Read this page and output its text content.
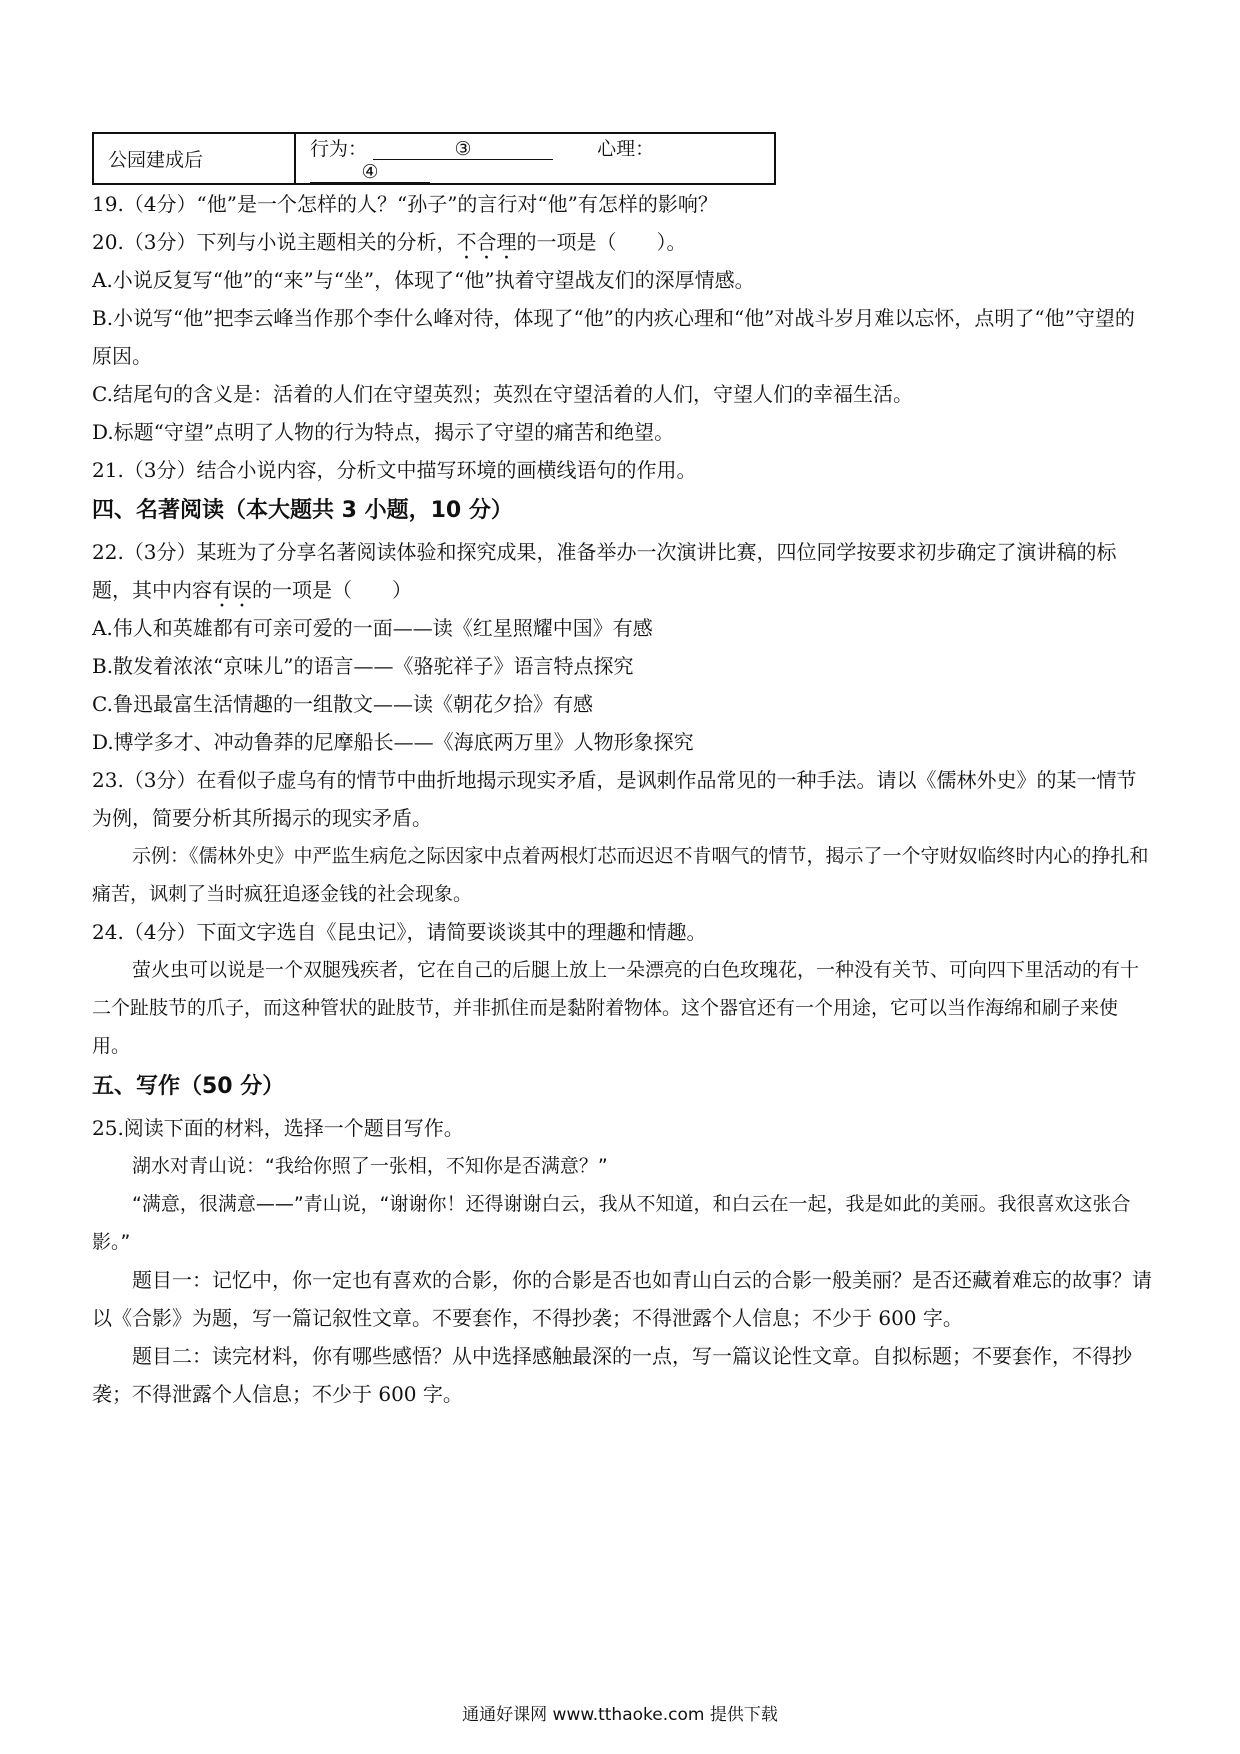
公园建成后	行为：	③	心理： ④

19.（4分）“他”是一个怎样的人？“孙子”的言行对“他”有怎样的影响？

20.（3分）下列与小说主题相关的分析，不合理的一项是（　　）。

A.小说反复写“他”的“来”与“坐”，体现了“他”执着守望战友们的深厚情感。

B.小说写“他”把李云峰当作那个李什么峰对待，体现了“他”的内疚心理和“他”对战斗岁月难以忘怀，点明了“他”守望的原因。

C.结尾句的含义是：活着的人们在守望英烈；英烈在守望活着的人们，守望人们的幸福生活。

D.标题“守望”点明了人物的行为特点，揭示了守望的痛苦和绝望。

21.（3分）结合小说内容，分析文中描写环境的画横线语句的作用。

四、名著阅读（本大题共 3 小题，10 分）

22.（3分）某班为了分享名著阅读体验和探究成果，准备举办一次演讲比赛，四位同学按要求初步确定了演讲稿的标题，其中内容有误的一项是（　　）

A.伟人和英雄都有可亲可爱的一面——读《红星照耀中国》有感

B.散发着浓浓“京味儿”的语言——《骆驼祥子》语言特点探究

C.鲁迅最富生活情趣的一组散文——读《朝花夕拾》有感

D.博学多才、冲动鲁莽的尼摩船长——《海底两万里》人物形象探究

23.（3分）在看似子虚乌有的情节中曲折地揭示现实矛盾，是讽刺作品常见的一种手法。请以《儒林外史》的某一情节为例，简要分析其所揭示的现实矛盾。

示例：《儒林外史》中严监生病危之际因家中点着两根灯芯而迟迟不肯咽气的情节，揭示了一个守财奴临终时内心的挣扎和痛苦，讽刺了当时疯狂追逐金钱的社会现象。

24.（4分）下面文字选自《昆虫记》，请简要谈谈其中的理趣和情趣。

萤火虫可以说是一个双腿残疾者，它在自己的后腿上放上一朵漂亮的白色玫瑰花，一种没有关节、可向四下里活动的有十二个趾肢节的爪子，而这种管状的趾肢节，并非抓住而是黏附着物体。这个器官还有一个用途，它可以当作海绵和刷子来使用。

五、写作（50 分）

25.阅读下面的材料，选择一个题目写作。

湖水对青山说：“我给你照了一张相，不知你是否满意？”

“满意，很满意——”青山说，“谢谢你！还得谢谢白云，我从不知道，和白云在一起，我是如此的美丽。我很喜欢这张合影。”

题目一：记忆中，你一定也有喜欢的合影，你的合影是否也如青山白云的合影一般美丽？是否还藏着难忘的故事？请以《合影》为题，写一篇记叙性文章。不要套作，不得抄袭；不得泄露个人信息；不少于 600 字。

题目二：读完材料，你有哪些感悟？从中选择感触最深的一点，写一篇议论性文章。自拟标题；不要套作，不得抄袭；不得泄露个人信息；不少于 600 字。

通通好课网 www.tthaoke.com 提供下载
